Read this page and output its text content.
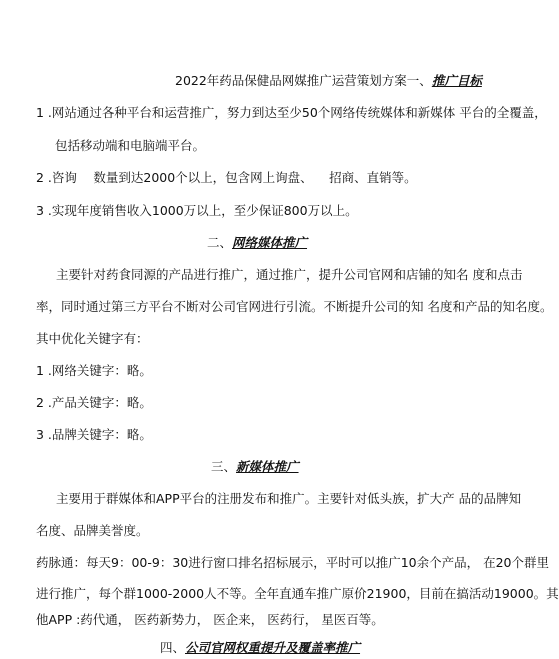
2022年药品保健品网媒推广运营策划方案一、推广目标
1 .网站通过各种平台和运营推广，努力到达至少50个网络传统媒体和新媒体 平台的全覆盖，
包括移动端和电脑端平台。
2 .咨询 　数量到达2000个以上，包含网上询盘、 　招商、直销等。
3 .实现年度销售收入1000万以上，至少保证800万以上。
二、网络媒体推广
主要针对药食同源的产品进行推广，通过推广，提升公司官网和店铺的知名 度和点击
率，同时通过第三方平台不断对公司官网进行引流。不断提升公司的知 名度和产品的知名度。
其中优化关键字有：
1 .网络关键字：略。
2 .产品关键字：略。
3 .品牌关键字：略。
三、新媒体推广
主要用于群媒体和APP平台的注册发布和推广。主要针对低头族，扩大产 品的品牌知
名度、品牌美誉度。
药脉通：每天9：00-9：30进行窗口排名招标展示，平时可以推广10余个产品， 在20个群里
进行推广，每个群1000-2000人不等。全年直通车推广原价21900，目前在搞活动19000。其
他APP :药代通， 医药新势力， 医企来， 医药行， 星医百等。
四、公司官网权重提升及覆盖率推广
